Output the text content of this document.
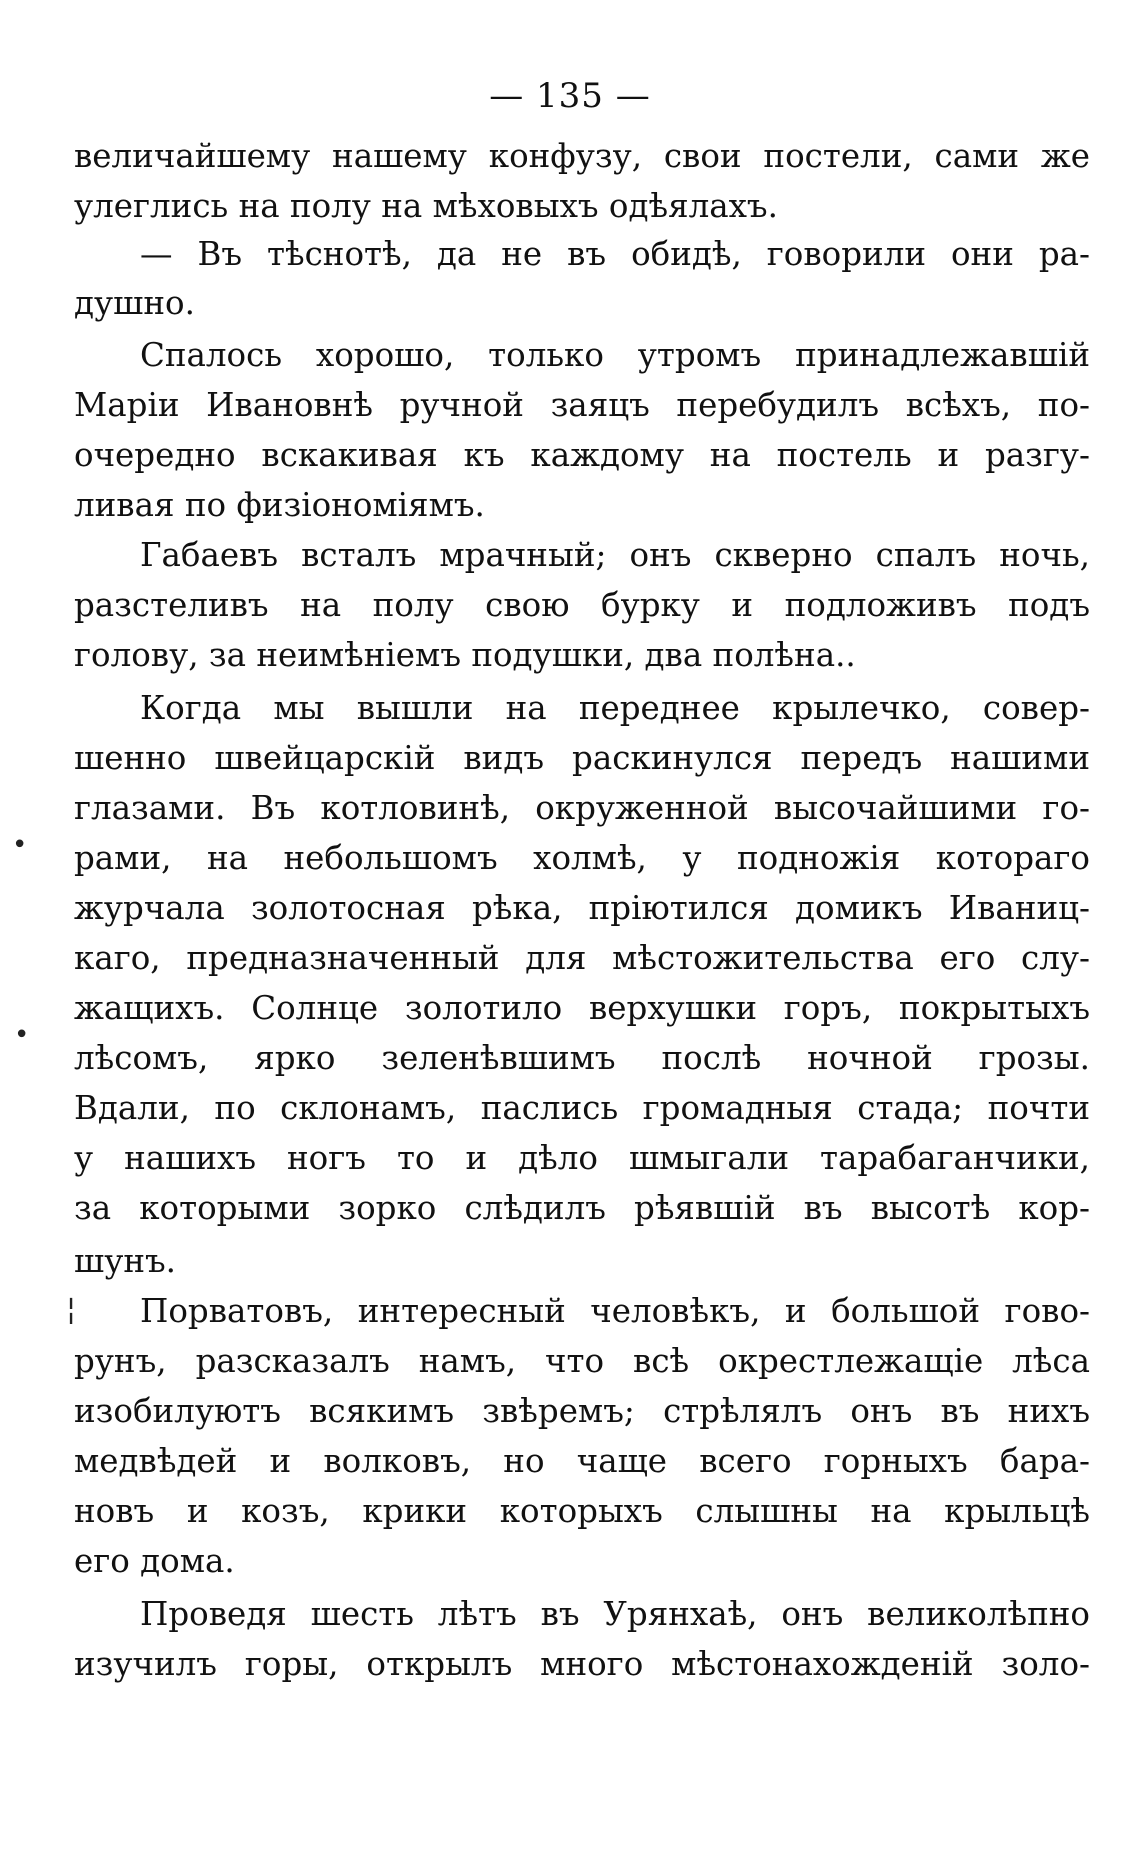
— 135 —
величайшему нашему конфузу, свои постели, сами же
улеглись на полу на мѣховыхъ одѣялахъ.
— Въ тѣснотѣ, да не въ обидѣ, говорили они ра-
душно.
Спалось хорошо, только утромъ принадлежавшій
Маріи Ивановнѣ ручной заяцъ перебудилъ всѣхъ, по-
очередно вскакивая къ каждому на постель и разгу-
ливая по физіономіямъ.
Габаевъ всталъ мрачный; онъ скверно спалъ ночь,
разстеливъ на полу свою бурку и подложивъ подъ
голову, за неимѣніемъ подушки, два полѣна..
Когда мы вышли на переднее крылечко, совер-
шенно швейцарскій видъ раскинулся передъ нашими
глазами. Въ котловинѣ, окруженной высочайшими го-
рами, на небольшомъ холмѣ, у подножія котораго
журчала золотосная рѣка, пріютился домикъ Иваниц-
каго, предназначенный для мѣстожительства его слу-
жащихъ. Солнце золотило верхушки горъ, покрытыхъ
лѣсомъ, ярко зеленѣвшимъ послѣ ночной грозы.
Вдали, по склонамъ, паслись громадныя стада; почти
у нашихъ ногъ то и дѣло шмыгали тарабаганчики,
за которыми зорко слѣдилъ рѣявшій въ высотѣ кор-
шунъ.
Порватовъ, интересный человѣкъ, и большой гово-
рунъ, разсказалъ намъ, что всѣ окрестлежащіе лѣса
изобилуютъ всякимъ звѣремъ; стрѣлялъ онъ въ нихъ
медвѣдей и волковъ, но чаще всего горныхъ бара-
новъ и козъ, крики которыхъ слышны на крыльцѣ
его дома.
Проведя шесть лѣтъ въ Урянхаѣ, онъ великолѣпно
изучилъ горы, открылъ много мѣстонахожденій золо-
•
•
¦
